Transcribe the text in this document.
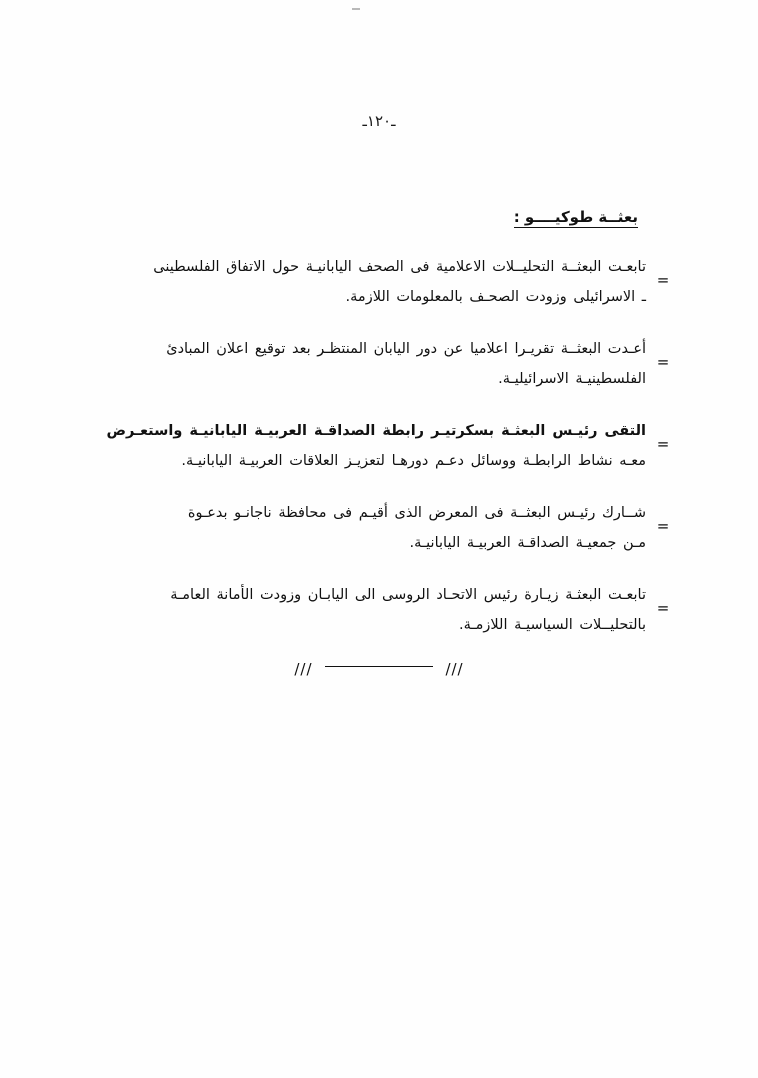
ـ١٢٠ـ
بعثــة طوكيــــو :
=
تابعـت البعثــة التحليــلات الاعلامية فى الصحف اليابانيـة حول الاتفاق الفلسطينى
ـ الاسرائيلى وزودت الصحـف بالمعلومات اللازمة.
=
أعـدت البعثــة تقريـرا اعلاميا عن دور اليابان المنتظـر بعد توقيع اعلان المبادئ
الفلسطينيـة الاسرائيليـة.
=
التقى رئيـس البعثـة بسكرتيـر رابطة الصداقـة العربيـة اليابانيـة واستعـرض
معـه نشاط الرابطـة ووسائل دعـم دورهـا لتعزيـز العلاقات العربيـة اليابانيـة.
=
شــارك رئيـس البعثــة فى المعرض الذى أقيـم فى محافظة ناجانـو بدعـوة
مـن جمعيـة الصداقـة العربيـة اليابانيـة.
=
تابعـت البعثـة زيـارة رئيس الاتحـاد الروسى الى اليابـان وزودت الأمانة العامـة
بالتحليــلات السياسيـة اللازمـة.
///	///
